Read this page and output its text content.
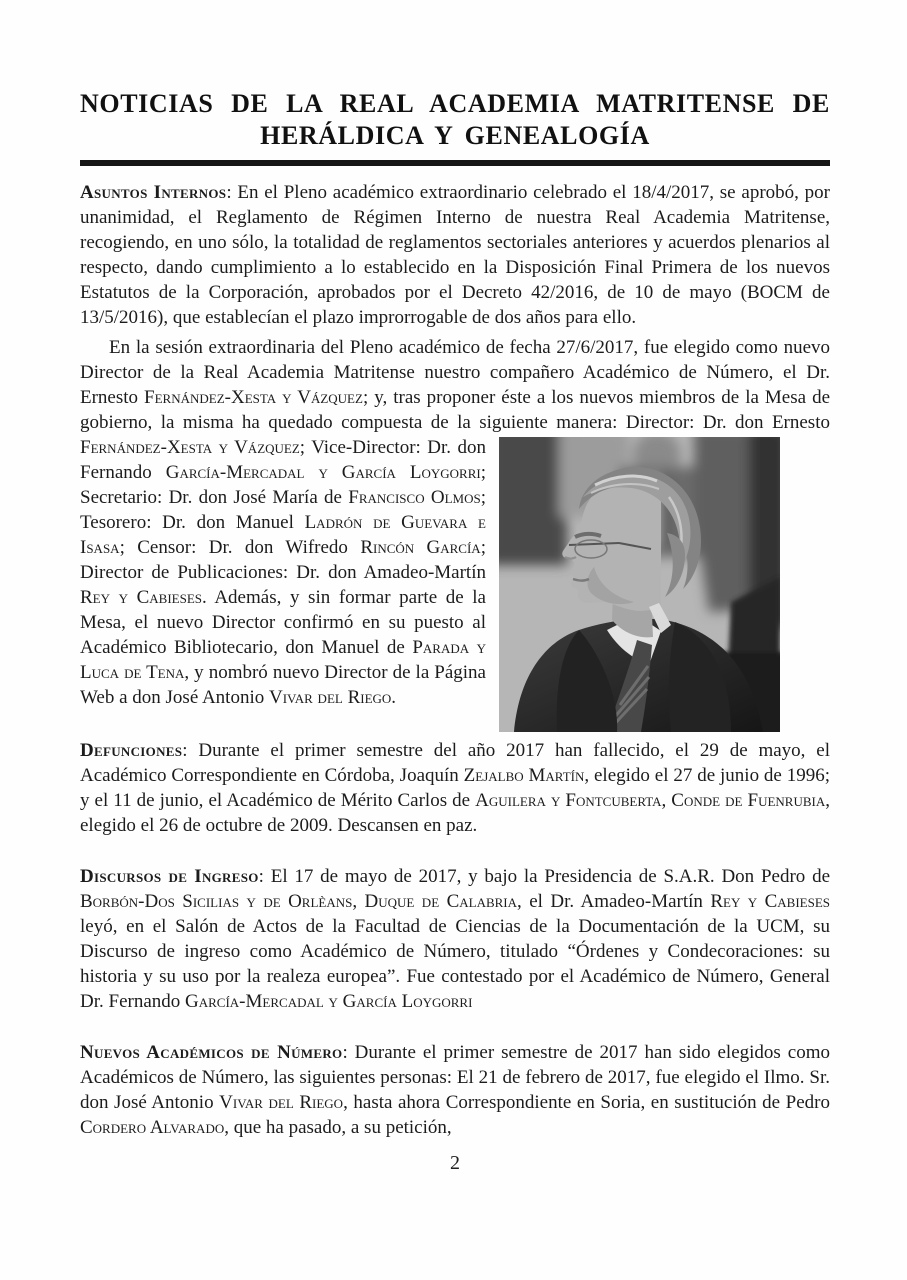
NOTICIAS DE LA REAL ACADEMIA MATRITENSE DE
HERÁLDICA Y GENEALOGÍA

Asuntos Internos: En el Pleno académico extraordinario celebrado el 18/4/2017, se aprobó, por unanimidad, el Reglamento de Régimen Interno de nuestra Real Academia Matritense, recogiendo, en uno sólo, la totalidad de reglamentos sectoriales anteriores y acuerdos plenarios al respecto, dando cumplimiento a lo establecido en la Disposición Final Primera de los nuevos Estatutos de la Corporación, aprobados por el Decreto 42/2016, de 10 de mayo (BOCM de 13/5/2016), que establecían el plazo improrrogable de dos años para ello.

En la sesión extraordinaria del Pleno académico de fecha 27/6/2017, fue elegido como nuevo Director de la Real Academia Matritense nuestro compañero Académico de Número, el Dr. Ernesto Fernández-Xesta y Vázquez; y, tras proponer éste a los nuevos miembros de la Mesa de gobierno, la misma ha quedado compuesta de la siguiente
manera: Director: Dr. don Ernesto Fernández-Xesta y Vázquez; Vice-Director: Dr. don Fernando García-Mercadal y García Loygorri; Secretario: Dr. don José María de Francisco Olmos; Tesorero: Dr. don Manuel Ladrón de Guevara e Isasa; Censor: Dr. don Wifredo Rincón García; Director de Publicaciones: Dr. don Amadeo-Martín Rey y Cabieses. Además, y sin formar parte de la Mesa, el nuevo Director confirmó en su puesto al Académico Bibliotecario, don Manuel de Parada y Luca de Tena, y nombró nuevo Director de la Página Web a don José Antonio Vivar del Riego.

Defunciones: Durante el primer semestre del año 2017 han fallecido, el 29 de mayo, el Académico Correspondiente en Córdoba, Joaquín Zejalbo Martín, elegido el 27 de junio de 1996; y el 11 de junio, el Académico de Mérito Carlos de Aguilera y Fontcuberta, Conde de Fuenrubia, elegido el 26 de octubre de 2009. Descansen en paz.

Discursos de Ingreso: El 17 de mayo de 2017, y bajo la Presidencia de S.A.R. Don Pedro de Borbón-Dos Sicilias y de Orlèans, Duque de Calabria, el Dr. Amadeo-Martín Rey y Cabieses leyó, en el Salón de Actos de la Facultad de Ciencias de la Documentación de la UCM, su Discurso de ingreso como Académico de Número, titulado “Órdenes y Condecoraciones: su historia y su uso por la realeza europea”. Fue contestado por el Académico de Número, General Dr. Fernando García-Mercadal y García Loygorri

Nuevos Académicos de Número: Durante el primer semestre de 2017 han sido elegidos como Académicos de Número, las siguientes personas: El 21 de febrero de 2017, fue elegido el Ilmo. Sr. don José Antonio Vivar del Riego, hasta ahora Correspondiente en Soria, en sustitución de Pedro Cordero Alvarado, que ha pasado, a su petición,

2
